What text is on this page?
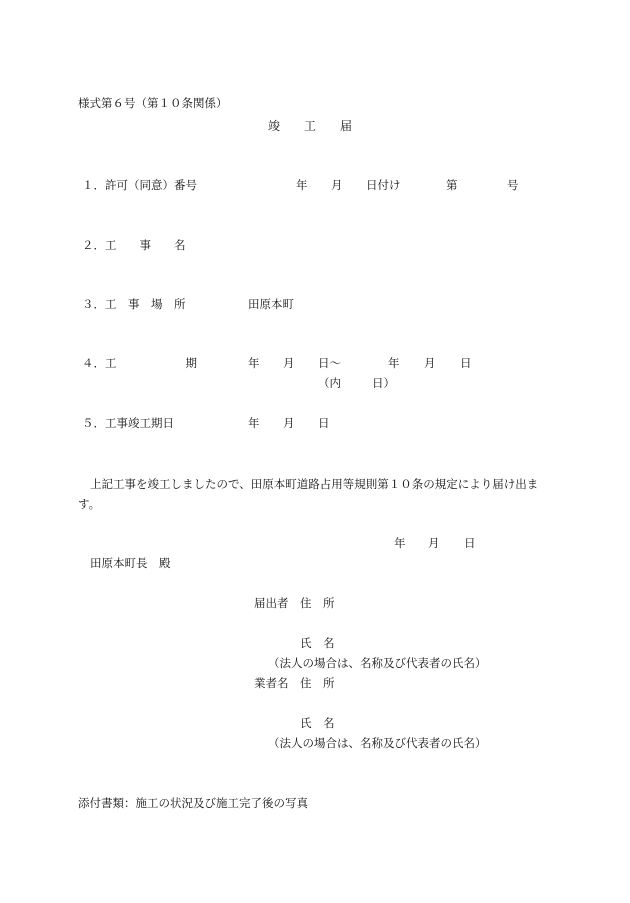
様式第６号（第１０条関係）
竣　　工　　届
１．許可（同意）番号	年 月 日付け	第	号
２．工　　事　　名
３．工　事　場　所	田原本町
４．工　　　　　　期	年 月 日〜	年 月 日
（内	日）
５．工事竣工期日	年 月 日
上記工事を竣工しましたので、田原本町道路占用等規則第１０条の規定により届け出ます。
年 月 日
田原本町長　殿
届出者 住　所
氏　名
（法人の場合は、名称及び代表者の氏名）
業者名 住　所
氏　名
（法人の場合は、名称及び代表者の氏名）
添付書類：施工の状況及び施工完了後の写真
